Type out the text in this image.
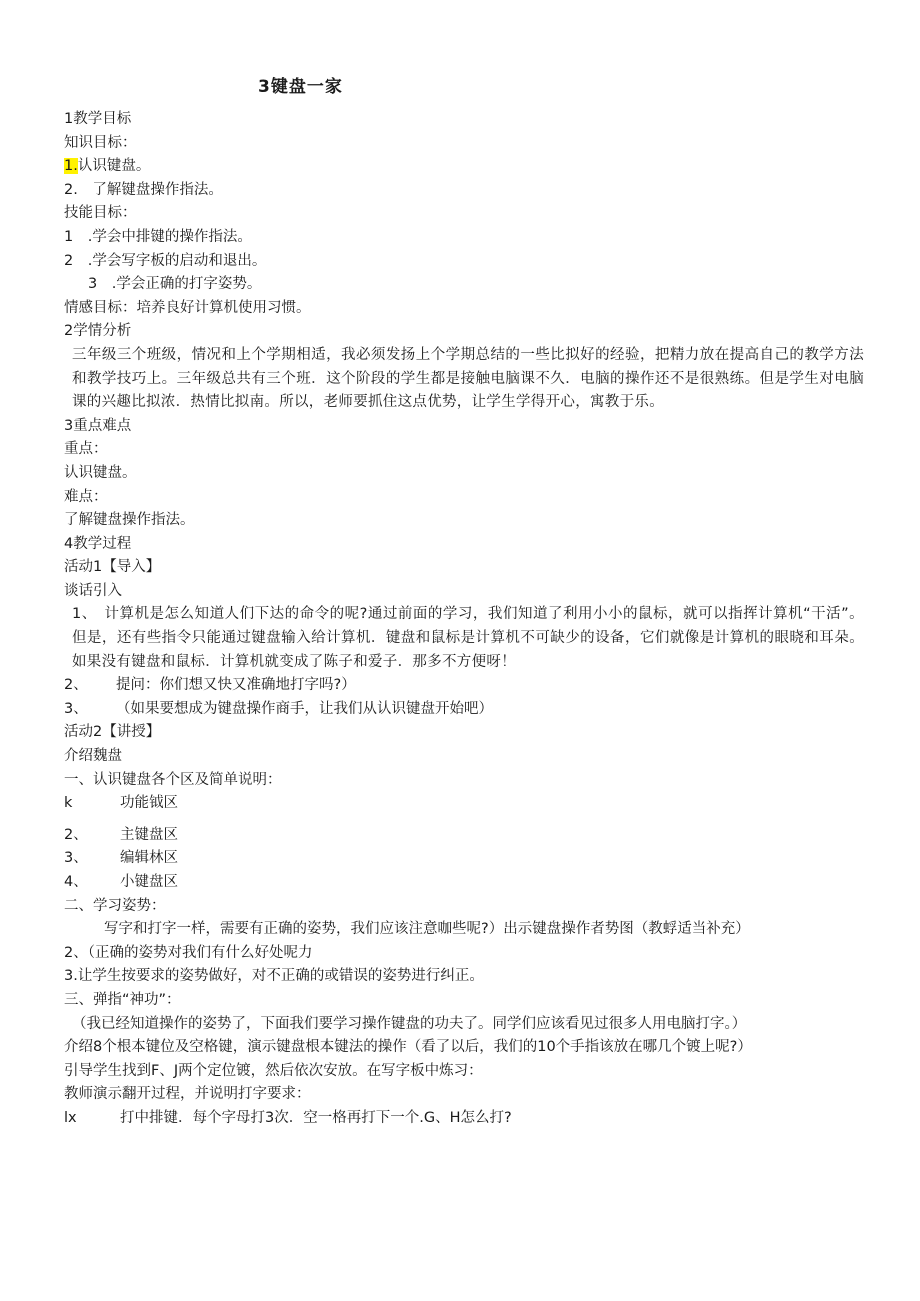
3键盘一家
1教学目标
知识目标：
1.认识键盘。
2.　了解键盘操作指法。
技能目标：
1　.学会中排键的操作指法。
2　.学会写字板的启动和退出。
3　.学会正确的打字姿势。
情感目标：培养良好计算机使用习惯。
2学情分析
三年级三个班级，情况和上个学期相适，我必须发扬上个学期总结的一些比拟好的经验，把精力放在提高自己的教学方法和教学技巧上。三年级总共有三个班．这个阶段的学生都是接触电脑课不久．电脑的操作还不是很熟练。但是学生对电脑课的兴趣比拟浓．热情比拟南。所以，老师要抓住这点优势，让学生学得开心，寓教于乐。
3重点难点
重点：
认识键盘。
难点：
了解键盘操作指法。
4教学过程
活动1【导入】
谈话引入
1、　计算机是怎么知道人们下达的命令的呢?通过前面的学习，我们知道了利用小小的鼠标，就可以指挥计算机“干活”。但是，还有些指令只能通过键盘输入给计算机．键盘和鼠标是计算机不可缺少的设备，它们就像是计算机的眼晓和耳朵。如果没有键盘和鼠标．计算机就变成了陈子和爱子．那多不方便呀！
2、 提问：你们想又快又准确地打字吗?）
3、 （如果要想成为键盘操作商手，让我们从认识键盘开始吧）
活动2【讲授】
介绍魏盘
一、认识键盘各个区及简单说明：
k	功能钺区
2、 主键盘区
3、 编辑林区
4、 小键盘区
二、学习姿势：
写字和打字一样，需要有正确的姿势，我们应该注意咖些呢?）出示键盘操作者势图（教蜉适当补充）
2、（正确的姿势对我们有什么好处呢力
3.让学生按要求的姿势做好，对不正确的或错误的姿势进行纠正。
三、弹指“神功”：
（我已经知道操作的姿势了，下面我们要学习操作键盘的功夫了。同学们应该看见过很多人用电脑打字。）
介绍8个根本键位及空格键，演示键盘根本键法的操作（看了以后，我们的10个手指该放在哪几个镀上呢?）
引导学生找到F、J两个定位镀，然后依次安放。在写字板中炼习：
教师演示翻开过程，并说明打字要求：
lx	打中排键．每个字母打3次．空一格再打下一个.G、H怎么打?
